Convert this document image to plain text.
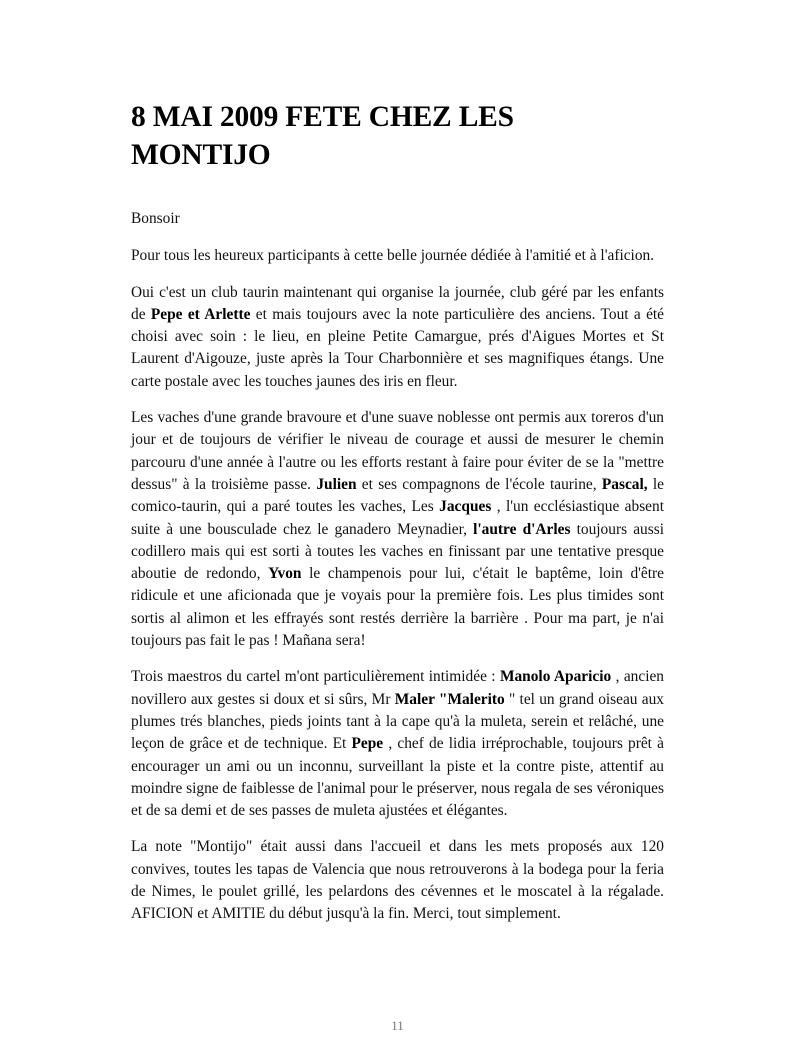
8 MAI 2009 FETE CHEZ LES
MONTIJO

Bonsoir

Pour tous les heureux participants à cette belle journée dédiée à l'amitié et à l'aficion.

Oui c'est un club taurin maintenant qui organise la journée, club géré par les enfants de Pepe et Arlette et mais toujours avec la note particulière des anciens. Tout a été choisi avec soin : le lieu, en pleine Petite Camargue, prés d'Aigues Mortes et St Laurent d'Aigouze, juste après la Tour Charbonnière et ses magnifiques étangs. Une carte postale avec les touches jaunes des iris en fleur.

Les vaches d'une grande bravoure et d'une suave noblesse ont permis aux toreros d'un jour et de toujours de vérifier le niveau de courage et aussi de mesurer le chemin parcouru d'une année à l'autre ou les efforts restant à faire pour éviter de se la "mettre dessus" à la troisième passe. Julien et ses compagnons de l'école taurine, Pascal, le comico-taurin, qui a paré toutes les vaches, Les Jacques , l'un ecclésiastique absent suite à une bousculade chez le ganadero Meynadier, l'autre d'Arles toujours aussi codillero mais qui est sorti à toutes les vaches en finissant par une tentative presque aboutie de redondo, Yvon le champenois pour lui, c'était le baptême, loin d'être ridicule et une aficionada que je voyais pour la première fois. Les plus timides sont sortis al alimon et les effrayés sont restés derrière la barrière . Pour ma part, je n'ai toujours pas fait le pas ! Mañana sera!

Trois maestros du cartel m'ont particulièrement intimidée : Manolo Aparicio , ancien novillero aux gestes si doux et si sûrs, Mr Maler "Malerito " tel un grand oiseau aux plumes trés blanches, pieds joints tant à la cape qu'à la muleta, serein et relâché, une leçon de grâce et de technique. Et Pepe , chef de lidia irréprochable, toujours prêt à encourager un ami ou un inconnu, surveillant la piste et la contre piste, attentif au moindre signe de faiblesse de l'animal pour le préserver, nous regala de ses véroniques et de sa demi et de ses passes de muleta ajustées et élégantes.

La note "Montijo" était aussi dans l'accueil et dans les mets proposés aux 120 convives, toutes les tapas de Valencia que nous retrouverons à la bodega pour la feria de Nimes, le poulet grillé, les pelardons des cévennes et le moscatel à la régalade. AFICION et AMITIE du début jusqu'à la fin. Merci, tout simplement.

11
